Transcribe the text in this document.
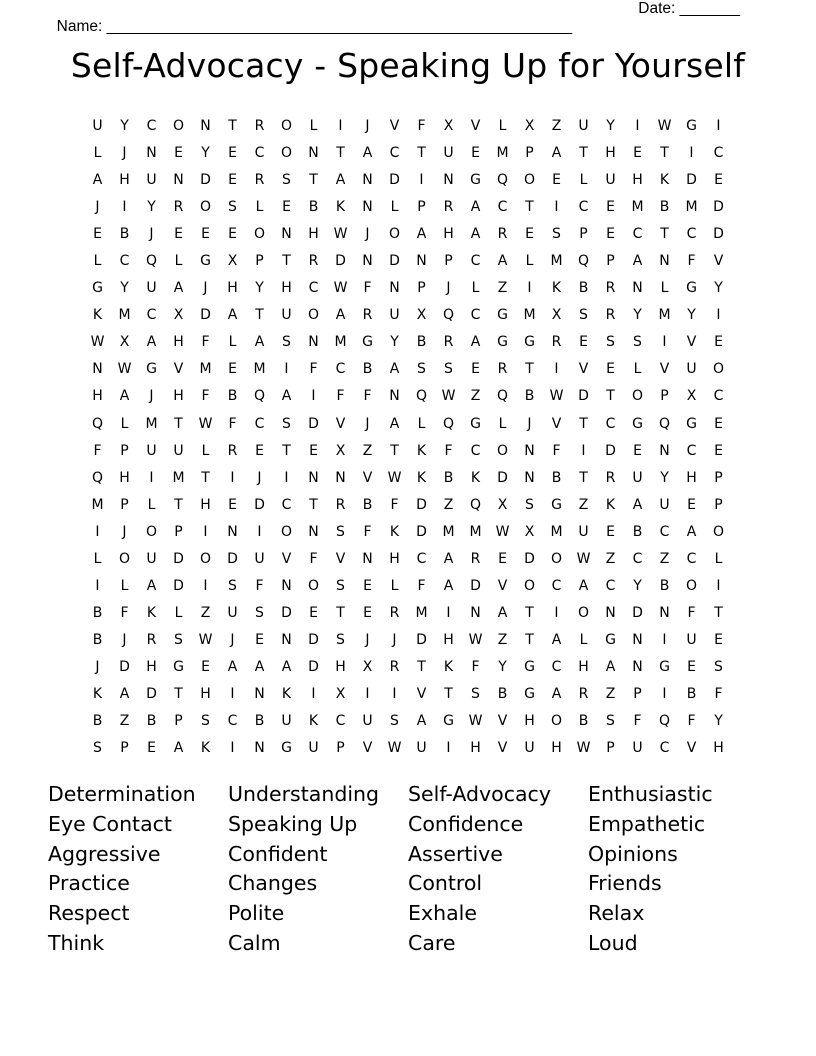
Name: ______________________________________________________

Date: _______

Self-Advocacy - Speaking Up for Yourself
U	Y	C	O	N	T	R	O	L	I	J	V	F	X	V	L	X	Z	U	Y	I	W	G	I
L	J	N	E	Y	E	C	O	N	T	A	C	T	U	E	M	P	A	T	H	E	T	I	C
A	H	U	N	D	E	R	S	T	A	N	D	I	N	G	Q	O	E	L	U	H	K	D	E
J	I	Y	R	O	S	L	E	B	K	N	L	P	R	A	C	T	I	C	E	M	B	M	D
E	B	J	E	E	E	O	N	H	W	J	O	A	H	A	R	E	S	P	E	C	T	C	D
L	C	Q	L	G	X	P	T	R	D	N	D	N	P	C	A	L	M	Q	P	A	N	F	V
G	Y	U	A	J	H	Y	H	C	W	F	N	P	J	L	Z	I	K	B	R	N	L	G	Y
K	M	C	X	D	A	T	U	O	A	R	U	X	Q	C	G	M	X	S	R	Y	M	Y	I
W	X	A	H	F	L	A	S	N	M	G	Y	B	R	A	G	G	R	E	S	S	I	V	E
N	W	G	V	M	E	M	I	F	C	B	A	S	S	E	R	T	I	V	E	L	V	U	O
H	A	J	H	F	B	Q	A	I	F	F	N	Q	W	Z	Q	B	W	D	T	O	P	X	C
Q	L	M	T	W	F	C	S	D	V	J	A	L	Q	G	L	J	V	T	C	G	Q	G	E
F	P	U	U	L	R	E	T	E	X	Z	T	K	F	C	O	N	F	I	D	E	N	C	E
Q	H	I	M	T	I	J	I	N	N	V	W	K	B	K	D	N	B	T	R	U	Y	H	P
M	P	L	T	H	E	D	C	T	R	B	F	D	Z	Q	X	S	G	Z	K	A	U	E	P
I	J	O	P	I	N	I	O	N	S	F	K	D	M	M	W	X	M	U	E	B	C	A	O
L	O	U	D	O	D	U	V	F	V	N	H	C	A	R	E	D	O	W	Z	C	Z	C	L
I	L	A	D	I	S	F	N	O	S	E	L	F	A	D	V	O	C	A	C	Y	B	O	I
B	F	K	L	Z	U	S	D	E	T	E	R	M	I	N	A	T	I	O	N	D	N	F	T
B	J	R	S	W	J	E	N	D	S	J	J	D	H	W	Z	T	A	L	G	N	I	U	E
J	D	H	G	E	A	A	A	D	H	X	R	T	K	F	Y	G	C	H	A	N	G	E	S
K	A	D	T	H	I	N	K	I	X	I	I	V	T	S	B	G	A	R	Z	P	I	B	F
B	Z	B	P	S	C	B	U	K	C	U	S	A	G	W	V	H	O	B	S	F	Q	F	Y
S	P	E	A	K	I	N	G	U	P	V	W	U	I	H	V	U	H	W	P	U	C	V	H
Determination	Understanding	Self-Advocacy	Enthusiastic
Eye Contact	Speaking Up	Confidence	Empathetic
Aggressive	Confident	Assertive	Opinions
Practice	Changes	Control	Friends
Respect	Polite	Exhale	Relax
Think	Calm	Care	Loud
